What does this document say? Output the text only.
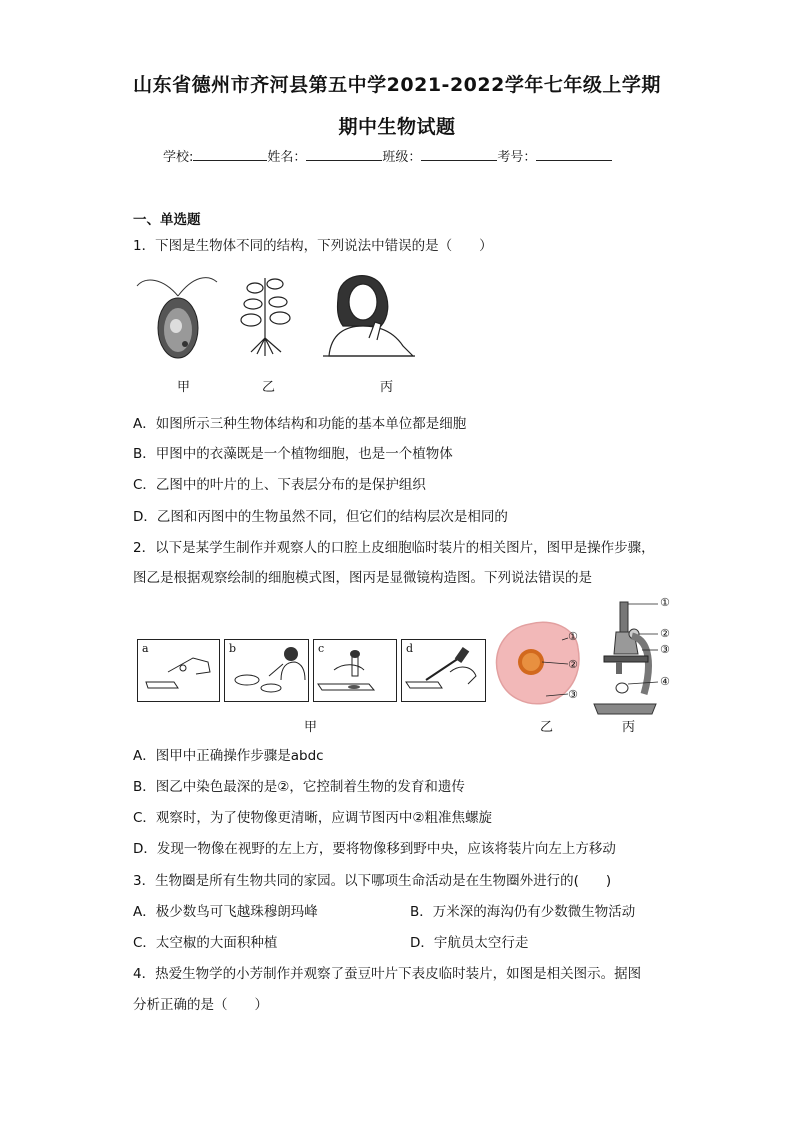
山东省德州市齐河县第五中学2021-2022学年七年级上学期
期中生物试题
学校:	姓名：	班级：	考号：
一、单选题
1．下图是生物体不同的结构，下列说法中错误的是（　　）
甲	乙	丙
A．如图所示三种生物体结构和功能的基本单位都是细胞
B．甲图中的衣藻既是一个植物细胞，也是一个植物体
C．乙图中的叶片的上、下表层分布的是保护组织
D．乙图和丙图中的生物虽然不同，但它们的结构层次是相同的
2．以下是某学生制作并观察人的口腔上皮细胞临时装片的相关图片，图甲是操作步骤，
图乙是根据观察绘制的细胞模式图，图丙是显微镜构造图。下列说法错误的是
a	b	c	d
①
②
③
①
②
③
④
甲	乙	丙
A．图甲中正确操作步骤是abdc
B．图乙中染色最深的是②，它控制着生物的发育和遗传
C．观察时，为了使物像更清晰，应调节图丙中②粗准焦螺旋
D．发现一物像在视野的左上方，要将物像移到野中央，应该将装片向左上方移动
3．生物圈是所有生物共同的家园。以下哪项生命活动是在生物圈外进行的(　　)
A．极少数鸟可飞越珠穆朗玛峰	B．万米深的海沟仍有少数微生物活动
C．太空椒的大面积种植	D．宇航员太空行走
4．热爱生物学的小芳制作并观察了蚕豆叶片下表皮临时装片，如图是相关图示。据图
分析正确的是（　　）
